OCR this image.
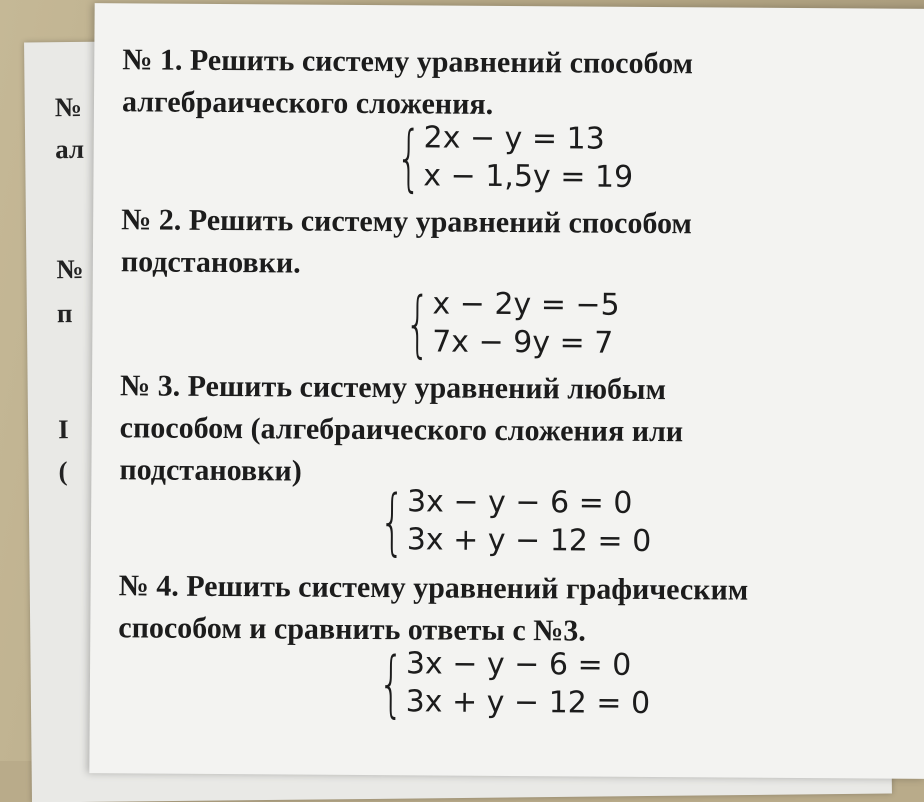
№
ал
№
п
I
(
№ 1. Решить систему уравнений способом
алгебраического сложения.
{ 2x − y = 13
x − 1,5y = 19
№ 2. Решить систему уравнений способом
подстановки.
{ x − 2y = −5
7x − 9y = 7
№ 3. Решить систему уравнений любым
способом (алгебраического сложения или
подстановки)
{ 3x − y − 6 = 0
3x + y − 12 = 0
№ 4. Решить систему уравнений графическим
способом и сравнить ответы с №3.
{ 3x − y − 6 = 0
3x + y − 12 = 0
